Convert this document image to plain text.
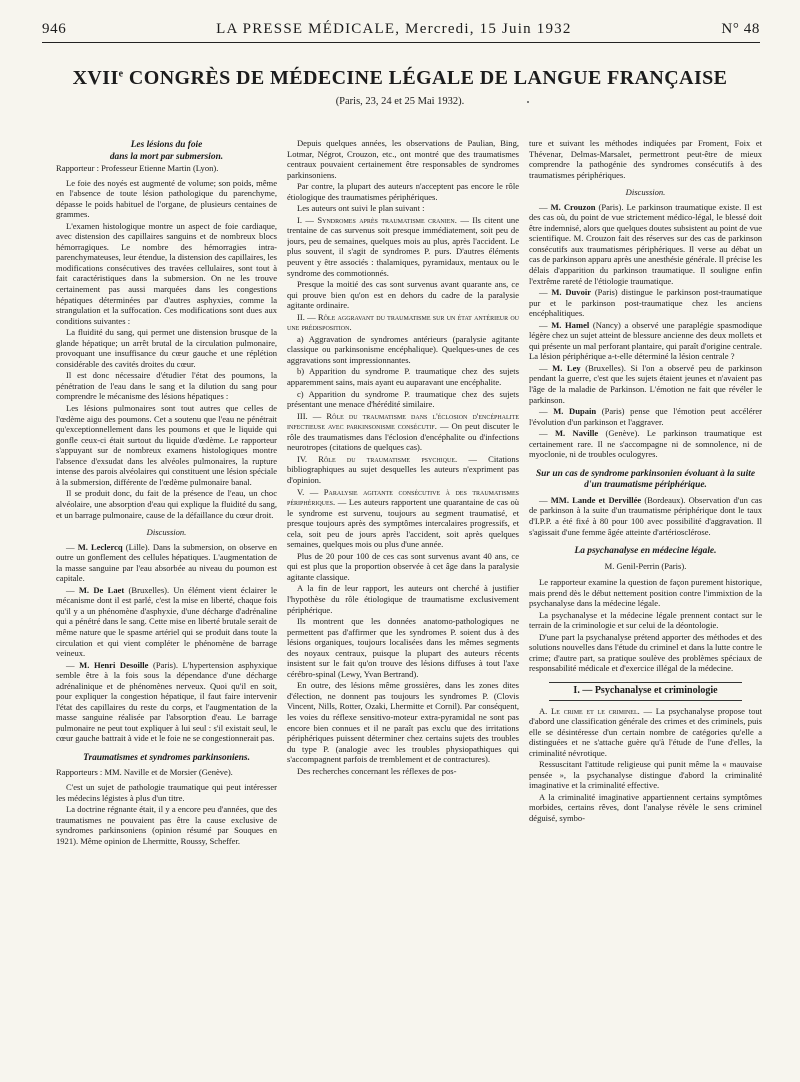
946	LA PRESSE MÉDICALE, Mercredi, 15 Juin 1932	N° 48
XVIIe CONGRÈS DE MÉDECINE LÉGALE DE LANGUE FRANÇAISE
(Paris, 23, 24 et 25 Mai 1932).
Les lésions du foie
dans la mort par submersion.

Rapporteur : Professeur Etienne Martin (Lyon).

Le foie des noyés est augmenté de volume; son poids, même en l'absence de toute lésion pathologique du parenchyme, dépasse le poids habituel de l'organe, de plusieurs centaines de grammes.

L'examen histologique montre un aspect de foie cardiaque, avec distension des capillaires sanguins et de nombreux blocs hémorragiques. Le nombre des hémorragies intra-parenchymateuses, leur étendue, la distension des capillaires, les modifications consécutives des travées cellulaires, sont tout à fait caractéristiques dans la submersion. On ne les trouve certainement pas aussi marquées dans les congestions hépatiques déterminées par d'autres asphyxies, comme la strangulation et la suffocation. Ces modifications sont dues aux conditions suivantes :

La fluidité du sang, qui permet une distension brusque de la glande hépatique; un arrêt brutal de la circulation pulmonaire, provoquant une insuffisance du cœur gauche et une réplétion considérable des cavités droites du cœur.

Il est donc nécessaire d'étudier l'état des poumons, la pénétration de l'eau dans le sang et la dilution du sang pour comprendre le mécanisme des lésions hépatiques :

Les lésions pulmonaires sont tout autres que celles de l'œdème aigu des poumons. Cet a soutenu que l'eau ne pénétrait qu'exceptionnellement dans les poumons et que le liquide qui gonfle ceux-ci était surtout du liquide d'œdème. Le rapporteur s'appuyant sur de nombreux examens histologiques montre l'absence d'exsudat dans les alvéoles pulmonaires, la rupture intense des parois alvéolaires qui constituent une lésion spéciale à la submersion, différente de l'œdème pulmonaire banal.

Il se produit donc, du fait de la présence de l'eau, un choc alvéolaire, une absorption d'eau qui explique la fluidité du sang, et un barrage pulmonaire, cause de la défaillance du cœur droit.

Discussion.

— M. Leclercq (Lille). Dans la submersion, on observe en outre un gonflement des cellules hépatiques. L'augmentation de la masse sanguine par l'eau absorbée au niveau du poumon est capitale.

— M. De Laet (Bruxelles). Un élément vient éclairer le mécanisme dont il est parlé, c'est la mise en liberté, chaque fois qu'il y a un phénomène d'asphyxie, d'une décharge d'adrénaline qui a pénétré dans le sang. Cette mise en liberté brutale serait de même nature que le spasme artériel qui se produit dans toute la circulation et qui vient compléter le phénomène de barrage veineux.

— M. Henri Desoille (Paris). L'hypertension asphyxique semble être à la fois sous la dépendance d'une décharge adrénalinique et de phénomènes nerveux. Quoi qu'il en soit, pour expliquer la congestion hépatique, il faut faire intervenir l'état des capillaires du reste du corps, et l'augmentation de la masse sanguine réalisée par l'absorption d'eau. Le barrage pulmonaire ne peut tout expliquer à lui seul : s'il existait seul, le cœur gauche battrait à vide et le foie ne se congestionnerait pas.

Traumatismes et syndromes parkinsoniens.

Rapporteurs : MM. Naville et de Morsier (Genève).

C'est un sujet de pathologie traumatique qui peut intéresser les médecins légistes à plus d'un titre.

La doctrine régnante était, il y a encore peu d'années, que des traumatismes ne pouvaient pas être la cause exclusive de syndromes parkinsoniens (opinion résumé par Souques en 1921). Même opinion de Lhermitte, Roussy, Scheffer.

Depuis quelques années, les observations de Paulian, Bing, Lotmar, Négrot, Crouzon, etc., ont montré que des traumatismes centraux pouvaient certainement être responsables de syndromes parkinsoniens.

Par contre, la plupart des auteurs n'acceptent pas encore le rôle étiologique des traumatismes périphériques.

Les auteurs ont suivi le plan suivant :

I. — Syndromes après traumatisme cranien. — Ils citent une trentaine de cas survenus soit presque immédiatement, soit peu de jours, peu de semaines, quelques mois au plus, après l'accident. Le plus souvent, il s'agit de syndromes P. purs. D'autres éléments peuvent y être associés : thalamiques, pyramidaux, mentaux ou le syndrome des commotionnés.

Presque la moitié des cas sont survenus avant quarante ans, ce qui prouve bien qu'on est en dehors du cadre de la paralysie agitante ordinaire.

II. — Rôle aggravant du traumatisme sur un état antérieur ou une prédisposition.

a) Aggravation de syndromes antérieurs (paralysie agitante classique ou parkinsonisme encéphalique). Quelques-unes de ces aggravations sont impressionnantes.

b) Apparition du syndrome P. traumatique chez des sujets apparemment sains, mais ayant eu auparavant une encéphalite.

c) Apparition du syndrome P. traumatique chez des sujets présentant une menace d'hérédité similaire.

III. — Rôle du traumatisme dans l'éclosion d'encéphalite infectieuse avec parkinsonisme consécutif. — On peut discuter le rôle des traumatismes dans l'éclosion d'encéphalite ou d'infections neurotropes (citations de quelques cas).

IV. Rôle du traumatisme psychique. — Citations bibliographiques au sujet desquelles les auteurs n'expriment pas d'opinion.

V. — Paralysie agitante consécutive à des traumatismes périphériques. — Les auteurs rapportent une quarantaine de cas où le syndrome est survenu, toujours au segment traumatisé, et presque toujours après des symptômes intercalaires progressifs, et cela, soit peu de jours après l'accident, soit après quelques semaines, quelques mois ou plus d'une année.

Plus de 20 pour 100 de ces cas sont survenus avant 40 ans, ce qui est plus que la proportion observée à cet âge dans la paralysie agitante classique.

A la fin de leur rapport, les auteurs ont cherché à justifier l'hypothèse du rôle étiologique de traumatisme exclusivement périphérique.

Ils montrent que les données anatomo-pathologiques ne permettent pas d'affirmer que les syndromes P. soient dus à des lésions organiques, toujours localisées dans les mêmes segments des noyaux centraux, puisque la plupart des auteurs récents insistent sur le fait qu'on trouve des lésions diffuses à tout l'axe cérébro-spinal (Lewy, Yvan Bertrand).

En outre, des lésions même grossières, dans les zones dites d'élection, ne donnent pas toujours les syndromes P. (Clovis Vincent, Nills, Rotter, Ozaki, Lhermitte et Cornil). Par conséquent, les voies du réflexe sensitivo-moteur extra-pyramidal ne sont pas encore bien connues et il ne paraît pas exclu que des irritations périphériques puissent déterminer chez certains sujets des troubles du type P. (analogie avec les troubles physiopathiques qui s'accompagnent parfois de tremblement et de contractures).

Des recherches concernant les réflexes de pos-

ture et suivant les méthodes indiquées par Froment, Foix et Thévenar, Delmas-Marsalet, permettront peut-être de mieux comprendre la pathogénie des syndromes consécutifs à des traumatismes périphériques.

Discussion.

— M. Crouzon (Paris). Le parkinson traumatique existe. Il est des cas où, du point de vue strictement médico-légal, le blessé doit être indemnisé, alors que quelques doutes subsistent au point de vue scientifique. M. Crouzon fait des réserves sur des cas de parkinson consécutifs aux traumatismes périphériques. Il verse au débat un cas de parkinson apparu après une anesthésie générale. Il précise les délais d'apparition du parkinson traumatique. Il souligne enfin l'extrême rareté de l'étiologie traumatique.

— M. Duvoir (Paris) distingue le parkinson post-traumatique pur et le parkinson post-traumatique chez les anciens encéphalitiques.

— M. Hamel (Nancy) a observé une paraplégie spasmodique légère chez un sujet atteint de blessure ancienne des deux mollets et qui présente un mal perforant plantaire, qui paraît d'origine centrale. La lésion périphérique a-t-elle déterminé la lésion centrale ?

— M. Ley (Bruxelles). Si l'on a observé peu de parkinson pendant la guerre, c'est que les sujets étaient jeunes et n'avaient pas l'âge de la maladie de Parkinson. L'émotion ne fait que révéler le parkinson.

— M. Dupain (Paris) pense que l'émotion peut accélérer l'évolution d'un parkinson et l'aggraver.

— M. Naville (Genève). Le parkinson traumatique est certainement rare. Il ne s'accompagne ni de somnolence, ni de myoclonie, ni de troubles oculogyres.

Sur un cas de syndrome parkinsonien évoluant à la suite d'un traumatisme périphérique.

— MM. Lande et Dervillée (Bordeaux). Observation d'un cas de parkinson à la suite d'un traumatisme périphérique dont le taux d'I.P.P. a été fixé à 80 pour 100 avec possibilité d'aggravation. Il s'agissait d'une femme âgée atteinte d'artériosclérose.

La psychanalyse en médecine légale.
M. Genil-Perrin (Paris).

Le rapporteur examine la question de façon purement historique, mais prend dès le début nettement position contre l'immixtion de la psychanalyse dans la médecine légale.

La psychanalyse et la médecine légale prennent contact sur le terrain de la criminologie et sur celui de la déontologie.

D'une part la psychanalyse prétend apporter des méthodes et des solutions nouvelles dans l'étude du criminel et dans la lutte contre le crime; d'autre part, sa pratique soulève des problèmes spéciaux de responsabilité médicale et d'exercice illégal de la médecine.

I. — Psychanalyse et criminologie

A. Le crime et le criminel. — La psychanalyse propose tout d'abord une classification générale des crimes et des criminels, puis elle se désintéresse d'un certain nombre de catégories qu'elle a distinguées et ne s'attache guère qu'à l'étude de l'une d'elles, la criminalité névrotique.

Ressuscitant l'attitude religieuse qui punit même la « mauvaise pensée », la psychanalyse distingue d'abord la criminalité imaginative et la criminalité effective.

A la criminalité imaginative appartiennent certains symptômes morbides, certains rêves, dont l'analyse révèle le sens criminel déguisé, symbo-
